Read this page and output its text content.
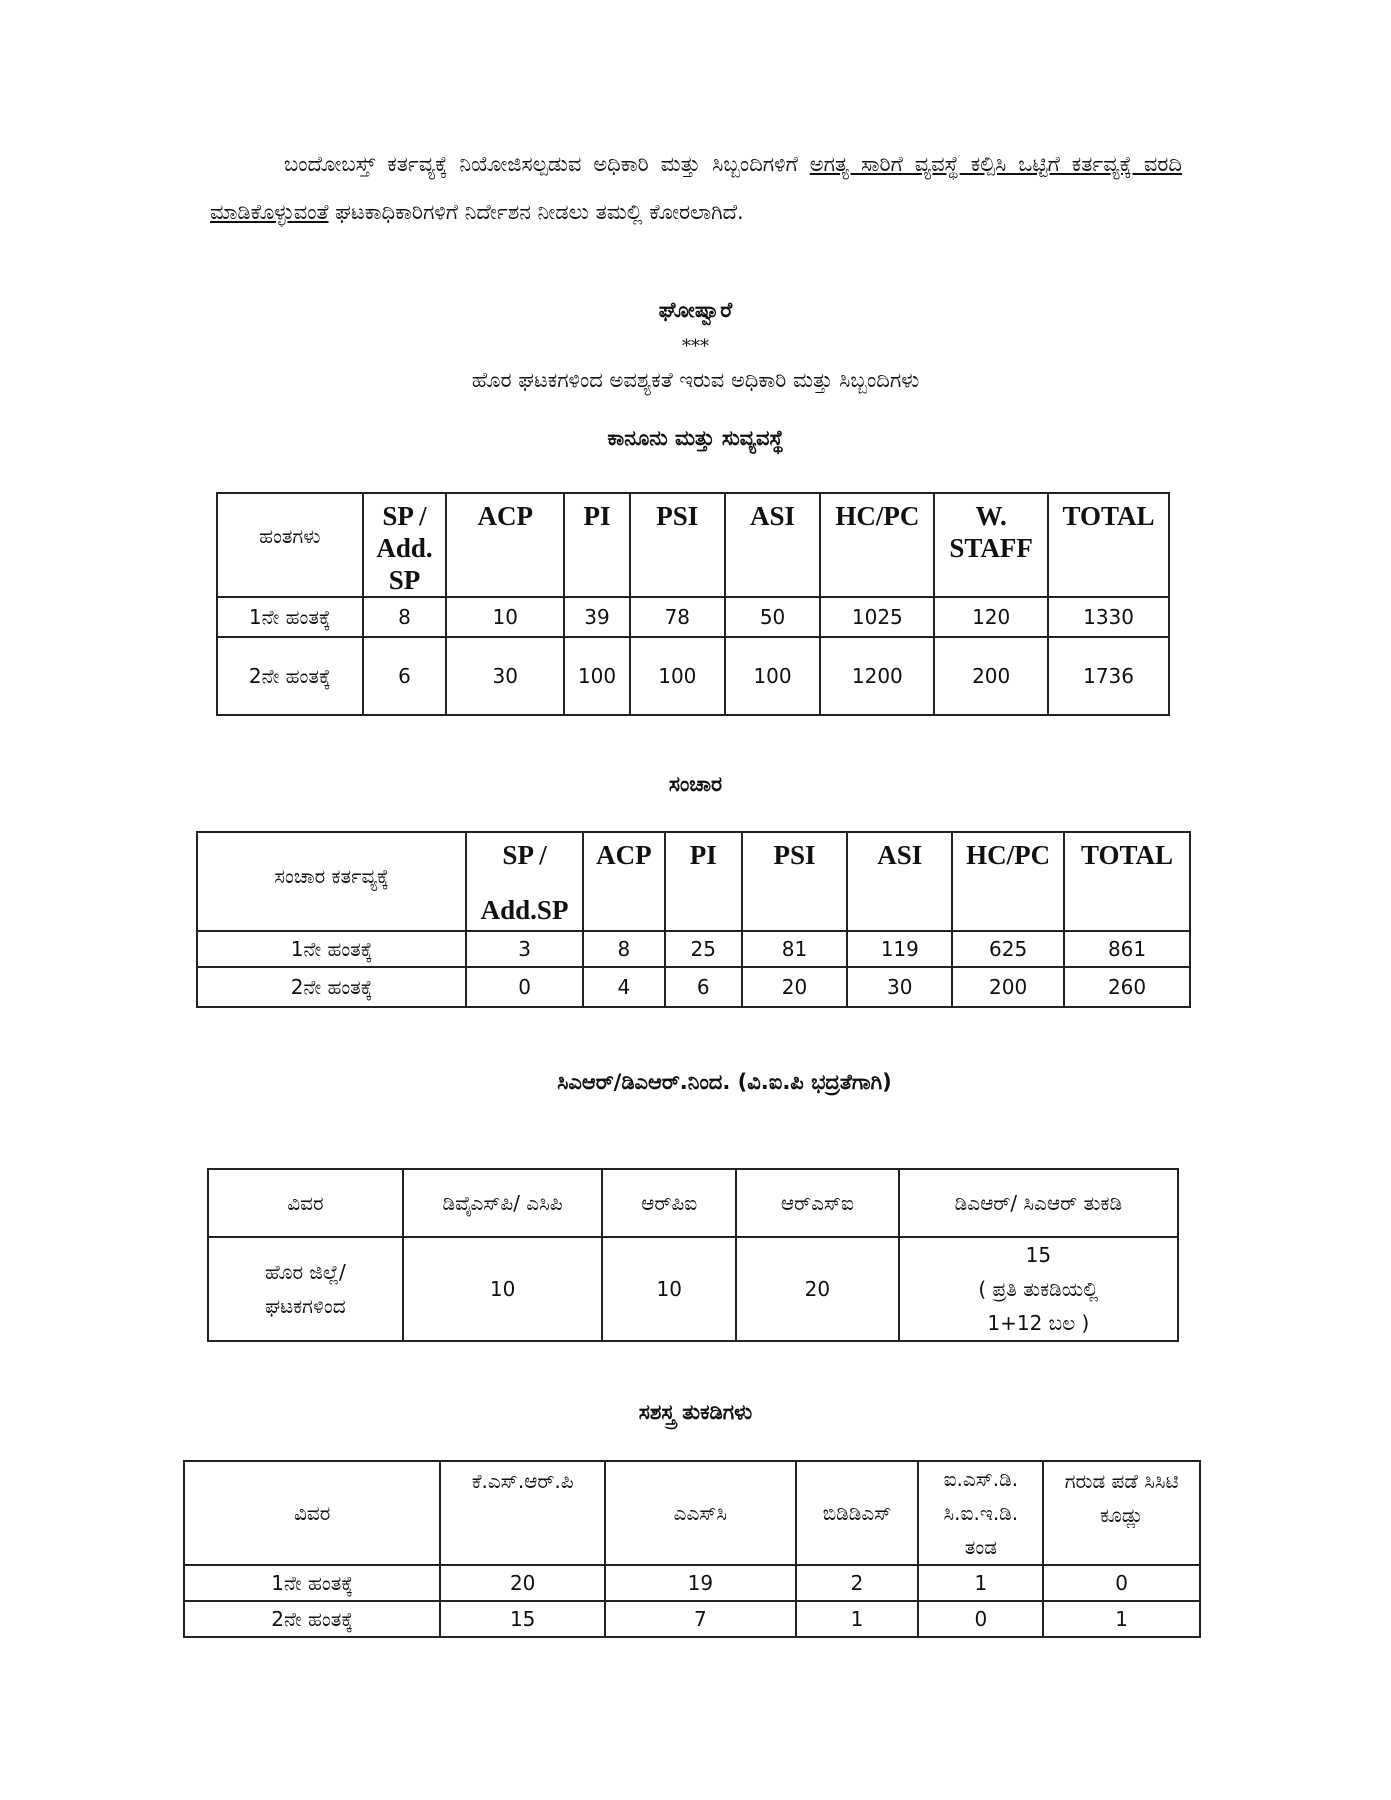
ಬಂದೋಬಸ್ತ್ ಕರ್ತವ್ಯಕ್ಕೆ ನಿಯೋಜಿಸಲ್ಪಡುವ ಅಧಿಕಾರಿ ಮತ್ತು ಸಿಬ್ಬಂದಿಗಳಿಗೆ ಅಗತ್ಯ ಸಾರಿಗೆ ವ್ಯವಸ್ಥೆ ಕಲ್ಪಿಸಿ ಒಟ್ಟಿಗೆ ಕರ್ತವ್ಯಕ್ಕೆ ವರದಿ ಮಾಡಿಕೊಳ್ಳುವಂತೆ ಘಟಕಾಧಿಕಾರಿಗಳಿಗೆ ನಿರ್ದೇಶನ ನೀಡಲು ತಮಲ್ಲಿ ಕೋರಲಾಗಿದೆ.
ಘೋಷ್ವಾರೆ
***
ಹೊರ ಘಟಕಗಳಿಂದ ಅವಶ್ಯಕತೆ ಇರುವ ಅಧಿಕಾರಿ ಮತ್ತು ಸಿಬ್ಬಂದಿಗಳು
ಕಾನೂನು ಮತ್ತು ಸುವ್ಯವಸ್ಥೆ
ಹಂತಗಳು	SP / Add. SP	ACP	PI	PSI	ASI	HC/PC	W. STAFF	TOTAL
1ನೇ ಹಂತಕ್ಕೆ	8	10	39	78	50	1025	120	1330
2ನೇ ಹಂತಕ್ಕೆ	6	30	100	100	100	1200	200	1736
ಸಂಚಾರ
ಸಂಚಾರ ಕರ್ತವ್ಯಕ್ಕೆ	SP /
Add.SP	ACP	PI	PSI	ASI	HC/PC	TOTAL
1ನೇ ಹಂತಕ್ಕೆ	3	8	25	81	119	625	861
2ನೇ ಹಂತಕ್ಕೆ	0	4	6	20	30	200	260
ಸಿಎಆರ್/ಡಿಎಆರ್.ನಿಂದ. (ವಿ.ಐ.ಪಿ ಭದ್ರತೆಗಾಗಿ)
ವಿವರ	ಡಿವೈಎಸ್‌ಪಿ/ ಎಸಿಪಿ	ಆರ್‌ಪಿಐ	ಆರ್‌ಎಸ್‌ಐ	ಡಿಎಆರ್/ ಸಿಎಆರ್ ತುಕಡಿ
ಹೊರ ಜಿಲ್ಲೆ/ ಘಟಕಗಳಿಂದ	10	10	20	15
( ಪ್ರತಿ ತುಕಡಿಯಲ್ಲಿ
1+12 ಬಲ )
ಸಶಸ್ತ್ರ ತುಕಡಿಗಳು
ವಿವರ	ಕೆ.ಎಸ್.ಆರ್.ಪಿ	ಎಎಸ್‌ಸಿ	ಬಿಡಿಡಿಎಸ್	ಐ.ಎಸ್.ಡಿ. ಸಿ.ಐ.ಇ.ಡಿ. ತಂಡ	ಗರುಡ ಪಡೆ ಸಿಸಿಟಿ ಕೂಡ್ಲು
1ನೇ ಹಂತಕ್ಕೆ	20	19	2	1	0
2ನೇ ಹಂತಕ್ಕೆ	15	7	1	0	1
